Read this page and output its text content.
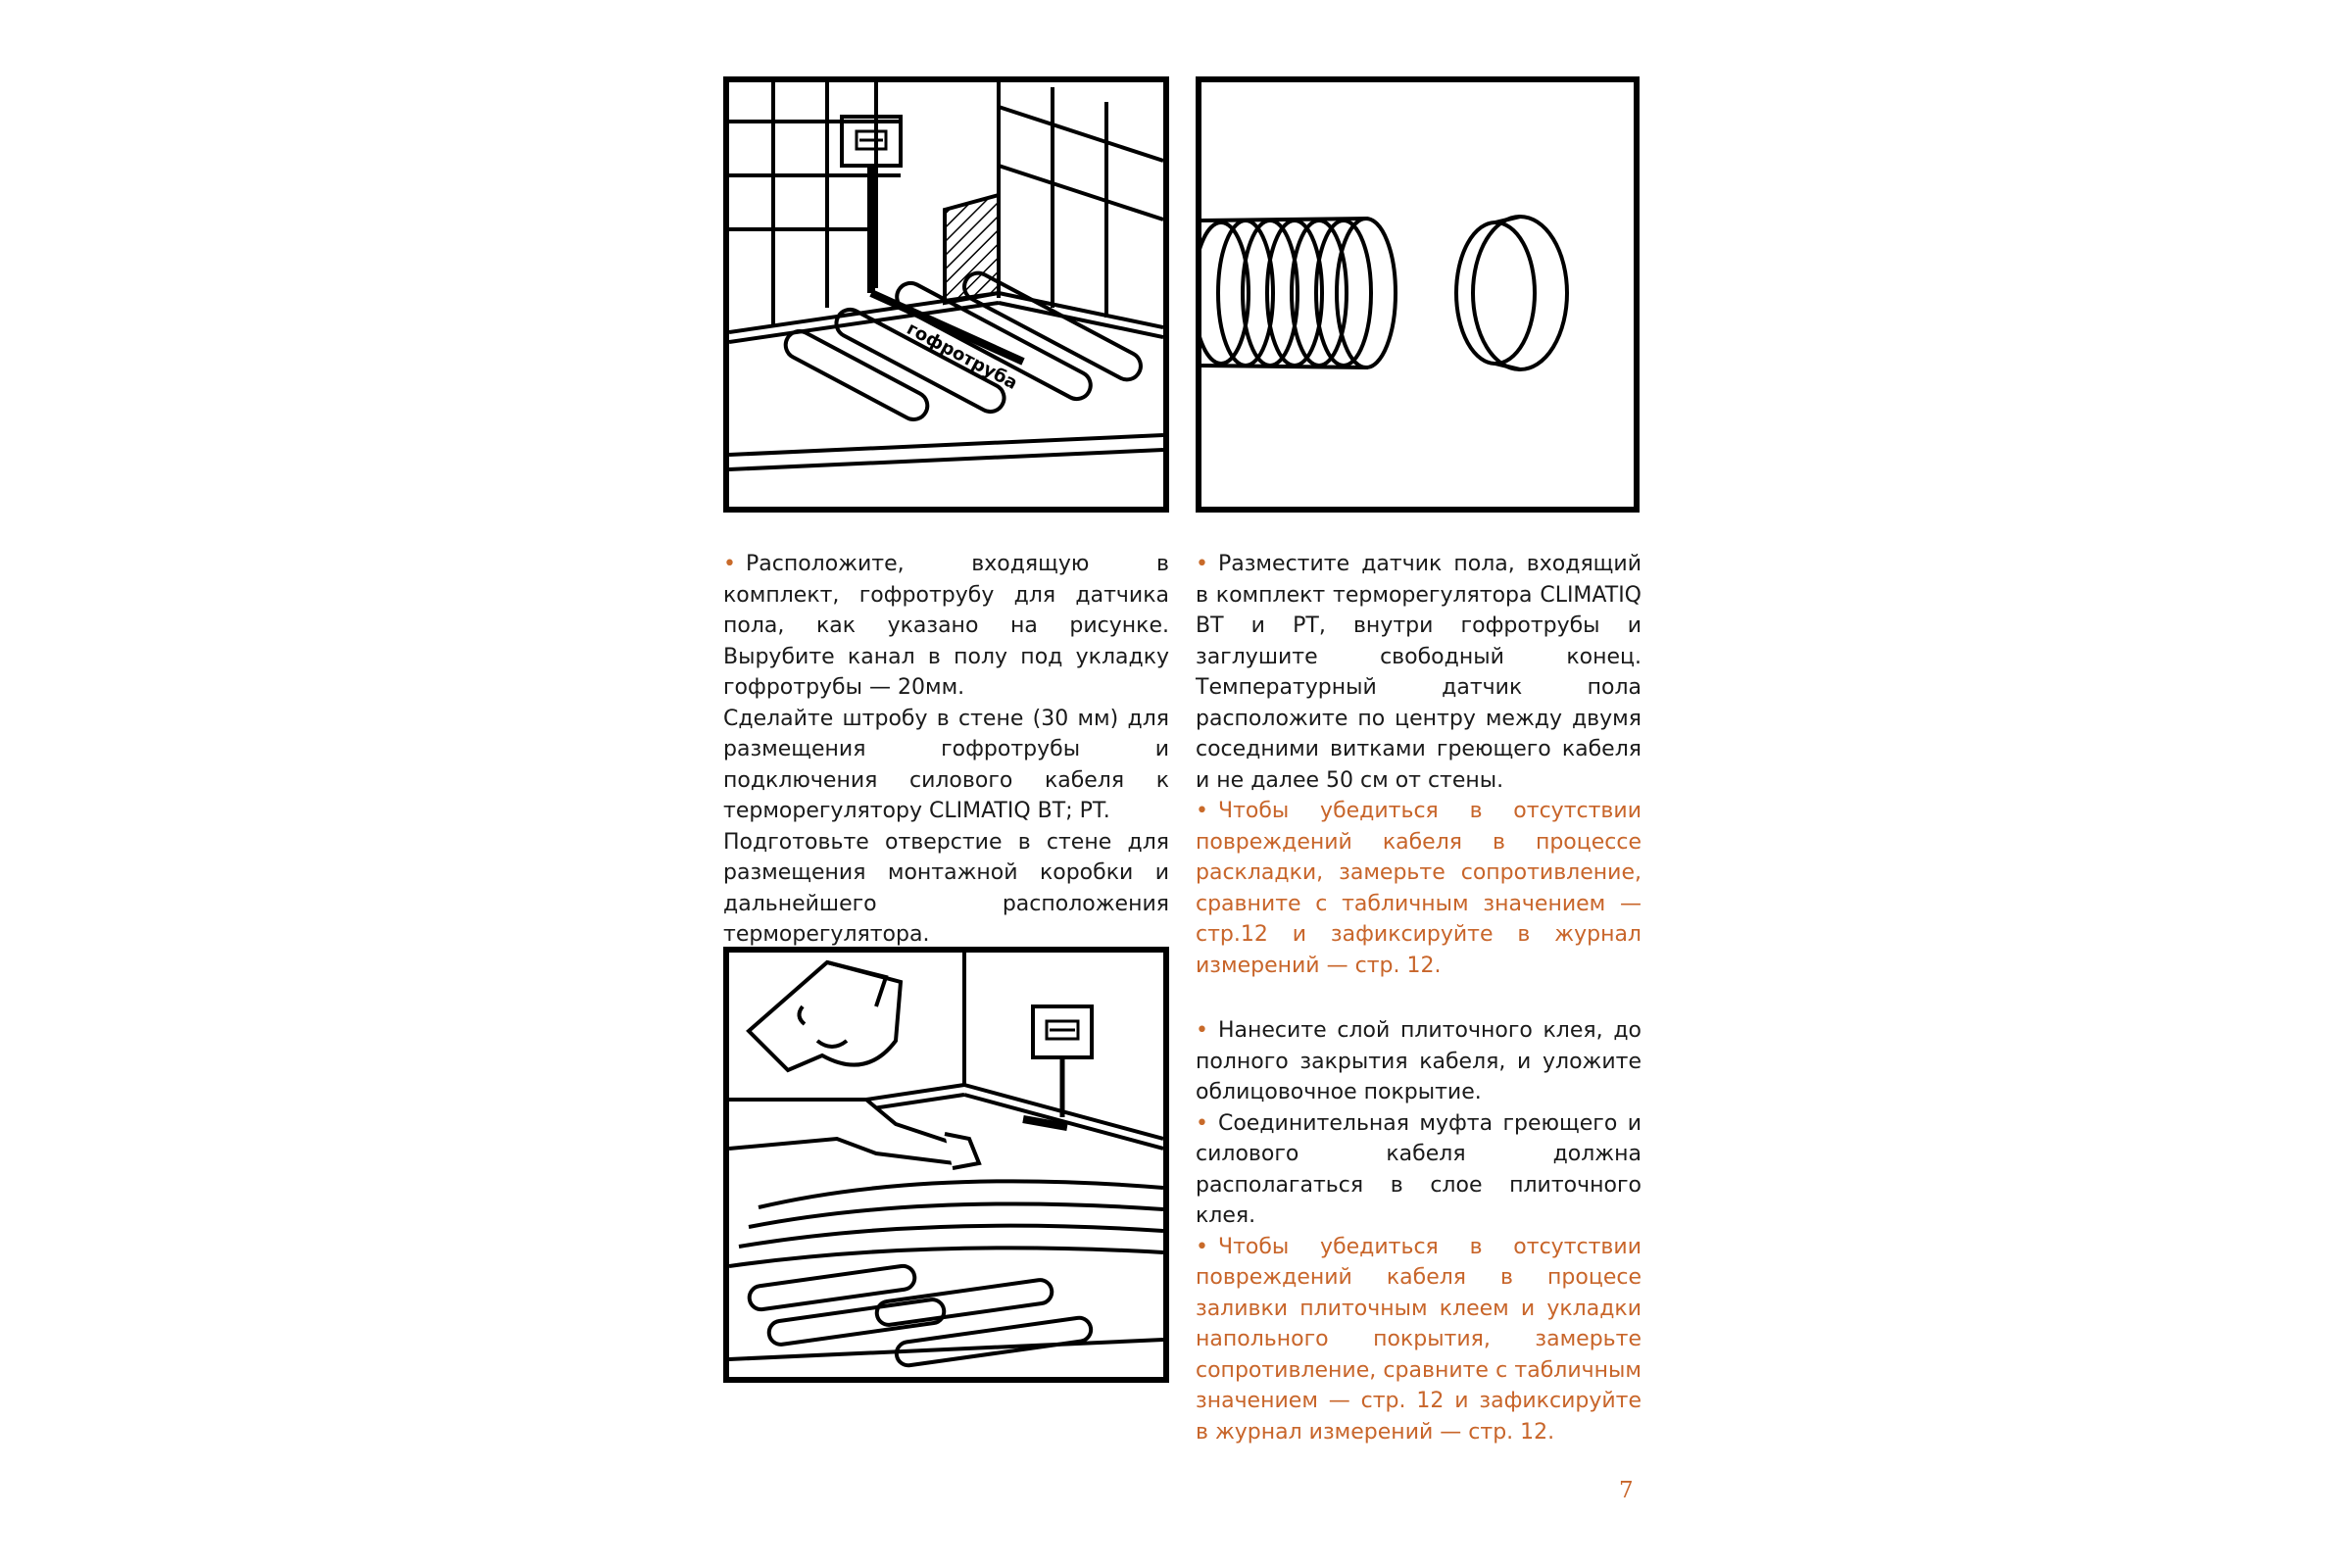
гофротруба

• Расположите, входящую в комплект, гофротрубу для датчика пола, как указано на рисунке. Вырубите канал в полу под укладку гофротрубы — 20мм.

Сделайте штробу в стене (30 мм) для размещения гофротрубы и подключения силового кабеля к терморегулятору CLIMATIQ BT; PT.

Подготовьте отверстие в стене для размещения монтажной коробки и дальнейшего расположения терморегулятора.

• Разместите датчик пола, входящий в комплект терморегулятора CLIMATIQ BT и PT, внутри гофротрубы и заглушите свободный конец. Температурный датчик пола расположите по центру между двумя соседними витками греющего кабеля и не далее 50 см от стены.

• Чтобы убедиться в отсутствии повреждений кабеля в процессе раскладки, замерьте сопротивление, сравните с табличным значением — стр.12 и зафиксируйте в журнал измерений — стр. 12.

• Нанесите слой плиточного клея, до полного закрытия кабеля, и уложите облицовочное покрытие.

• Соединительная муфта греющего и силового кабеля должна располагаться в слое плиточного клея.

• Чтобы убедиться в отсутствии повреждений кабеля в процесе заливки плиточным клеем и укладки напольного покрытия, замерьте сопротивление, сравните с табличным значением — стр. 12 и зафиксируйте в журнал измерений — стр. 12.

7
